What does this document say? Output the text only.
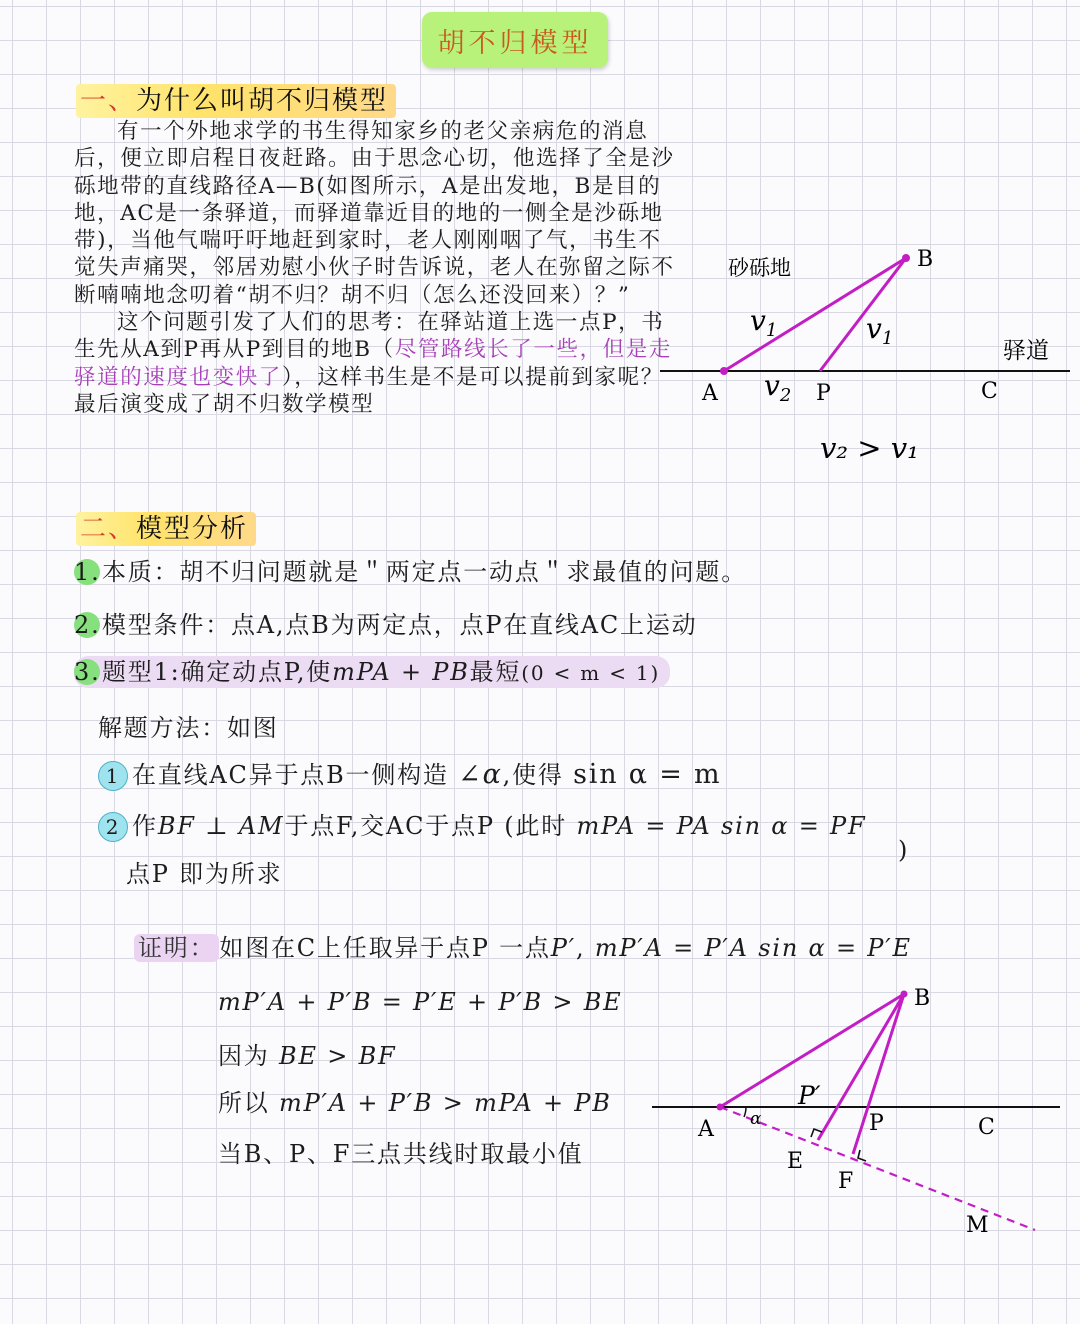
胡不归模型
一、为什么叫胡不归模型

有一个外地求学的书生得知家乡的老父亲病危的消息后，便立即启程日夜赶路。由于思念心切，他选择了全是沙砾地带的直线路径A—B(如图所示，A是出发地，B是目的地，AC是一条驿道，而驿道靠近目的地的一侧全是沙砾地带)，当他气喘吁吁地赶到家时，老人刚刚咽了气，书生不觉失声痛哭，邻居劝慰小伙子时告诉说，老人在弥留之际不断喃喃地念叨着“胡不归？胡不归（怎么还没回来）？”

这个问题引发了人们的思考：在驿站道上选一点P，书生先从A到P再从P到目的地B（尽管路线长了一些，但是走驿道的速度也变快了），这样书生是不是可以提前到家呢？最后演变成了胡不归数学模型

砂砾地
驿道
B
A	P	C
$v_1$	$v_1$
$v_2$
v₂ > v₁
二、模型分析
1.本质：胡不归问题就是＂两定点一动点＂求最值的问题。
2.模型条件：点A,点B为两定点，点P在直线AC上运动
3.题型1:确定动点P,使mPA + PB最短(0 < m < 1)
解题方法：如图
1 在直线AC异于点B一侧构造 ∠α,使得 sin α = m
2 作BF ⊥ AM于点F,交AC于点P (此时 mPA = PA sin α = PF
)
点P 即为所求
证明： 如图在C上任取异于点P 一点P′, mP′A = P′A sin α = P′E
mP′A + P′B = P′E + P′B > BE
因为 BE > BF
所以 mP′A + P′B > mPA + PB
当B、P、F三点共线时取最小值
B
A
P′
P	C
E
F
M
α
